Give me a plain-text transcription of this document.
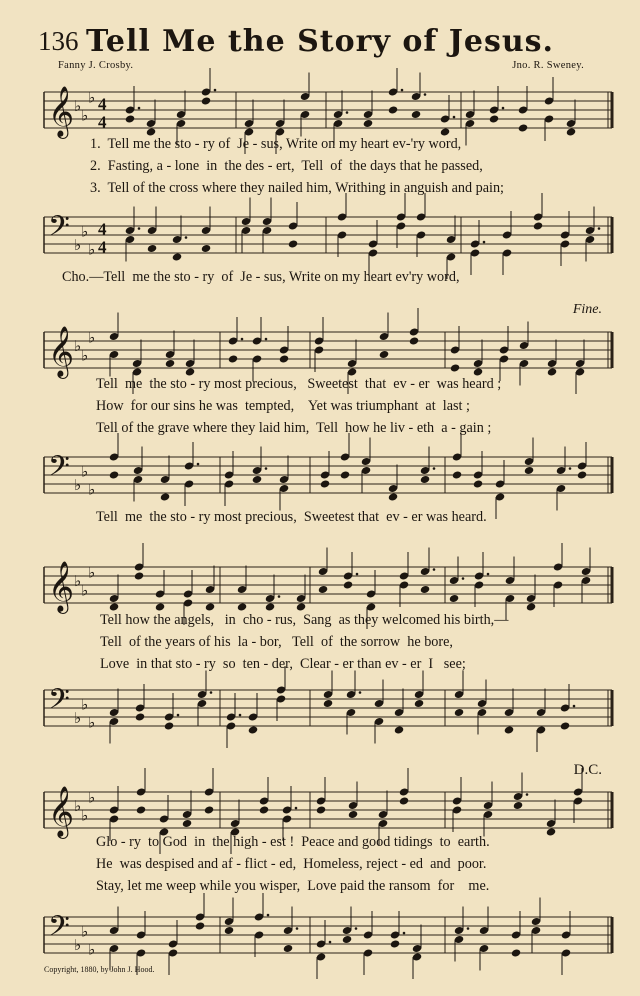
136 Tell Me the Story of Jesus.
Fanny J. Crosby.	Jno. R. Sweney.
𝄞 ♭
♭
♭ 4
4
𝄢 ♭
♭
♭
4
4
𝄞 ♭
♭
♭
𝄢 ♭
♭
♭
𝄞 ♭
♭
♭
𝄢 ♭
♭
♭
𝄞 ♭
♭
♭
𝄢 ♭
♭
♭
Fine.
D.C.
1.  Tell me the sto - ry of  Je - sus, Write on my heart ev-'ry word,
2.  Fasting, a - lone  in  the des - ert,  Tell  of  the days that he passed,
3.  Tell of the cross where they nailed him, Writhing in anguish and pain;
Cho.—Tell  me the sto - ry  of  Je - sus, Write on my heart ev'ry word,
Tell  me  the sto - ry most precious,   Sweetest  that  ev - er  was heard ;
How  for our sins he was  tempted,    Yet was triumphant  at  last ;
Tell of the grave where they laid him,  Tell  how he liv - eth  a - gain ;
Tell  me  the sto - ry most precious,  Sweetest that  ev - er was heard.
Tell how the angels,   in  cho - rus,  Sang  as they welcomed his birth,—
Tell  of the years of his  la - bor,   Tell  of  the sorrow  he bore,
Love  in that sto - ry  so  ten - der,  Clear - er than ev - er  I   see;
Glo - ry  to God  in  the high - est !  Peace and good tidings  to  earth.
He  was despised and af - flict - ed,  Homeless, reject - ed  and  poor.
Stay, let me weep while you wisper,  Love paid the ransom  for    me.
Copyright, 1880, by John J. Hood.
